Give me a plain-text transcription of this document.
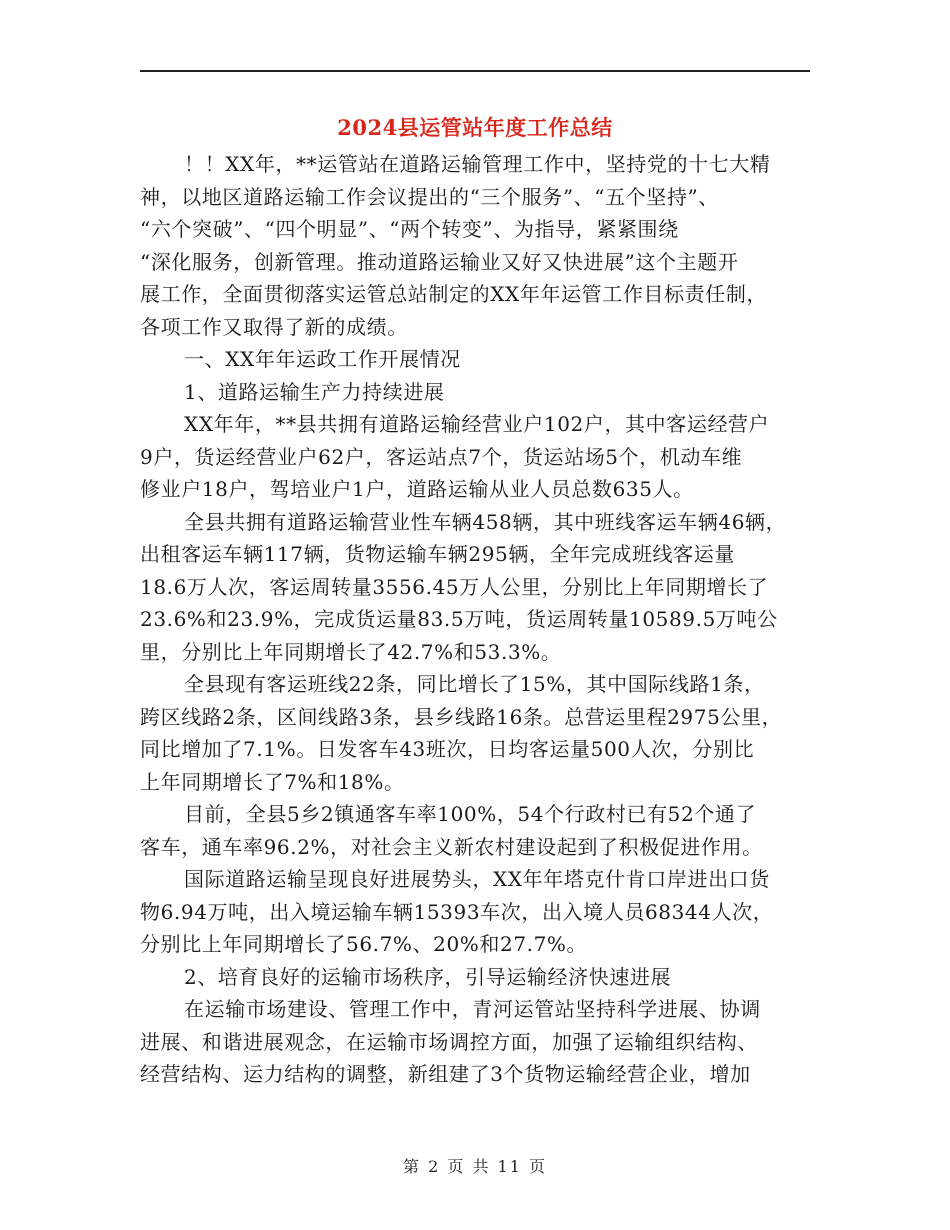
2024县运管站年度工作总结
！！XX年，**运管站在道路运输管理工作中，坚持党的十七大精
神，以地区道路运输工作会议提出的“三个服务”、“五个坚持”、
“六个突破”、“四个明显”、“两个转变”、为指导，紧紧围绕
“深化服务，创新管理。推动道路运输业又好又快进展”这个主题开
展工作，全面贯彻落实运管总站制定的XX年年运管工作目标责任制，
各项工作又取得了新的成绩。
一、XX年年运政工作开展情况
1、道路运输生产力持续进展
XX年年，**县共拥有道路运输经营业户102户，其中客运经营户
9户，货运经营业户62户，客运站点7个，货运站场5个，机动车维
修业户18户，驾培业户1户，道路运输从业人员总数635人。
全县共拥有道路运输营业性车辆458辆，其中班线客运车辆46辆，
出租客运车辆117辆，货物运输车辆295辆，全年完成班线客运量
18.6万人次，客运周转量3556.45万人公里，分别比上年同期增长了
23.6%和23.9%，完成货运量83.5万吨，货运周转量10589.5万吨公
里，分别比上年同期增长了42.7%和53.3%。
全县现有客运班线22条，同比增长了15%，其中国际线路1条，
跨区线路2条，区间线路3条，县乡线路16条。总营运里程2975公里，
同比增加了7.1%。日发客车43班次，日均客运量500人次，分别比
上年同期增长了7%和18%。
目前，全县5乡2镇通客车率100%，54个行政村已有52个通了
客车，通车率96.2%，对社会主义新农村建设起到了积极促进作用。
国际道路运输呈现良好进展势头，XX年年塔克什肯口岸进出口货
物6.94万吨，出入境运输车辆15393车次，出入境人员68344人次，
分别比上年同期增长了56.7%、20%和27.7%。
2、培育良好的运输市场秩序，引导运输经济快速进展
在运输市场建设、管理工作中，青河运管站坚持科学进展、协调
进展、和谐进展观念，在运输市场调控方面，加强了运输组织结构、
经营结构、运力结构的调整，新组建了3个货物运输经营企业，增加
第 2 页 共 11 页
